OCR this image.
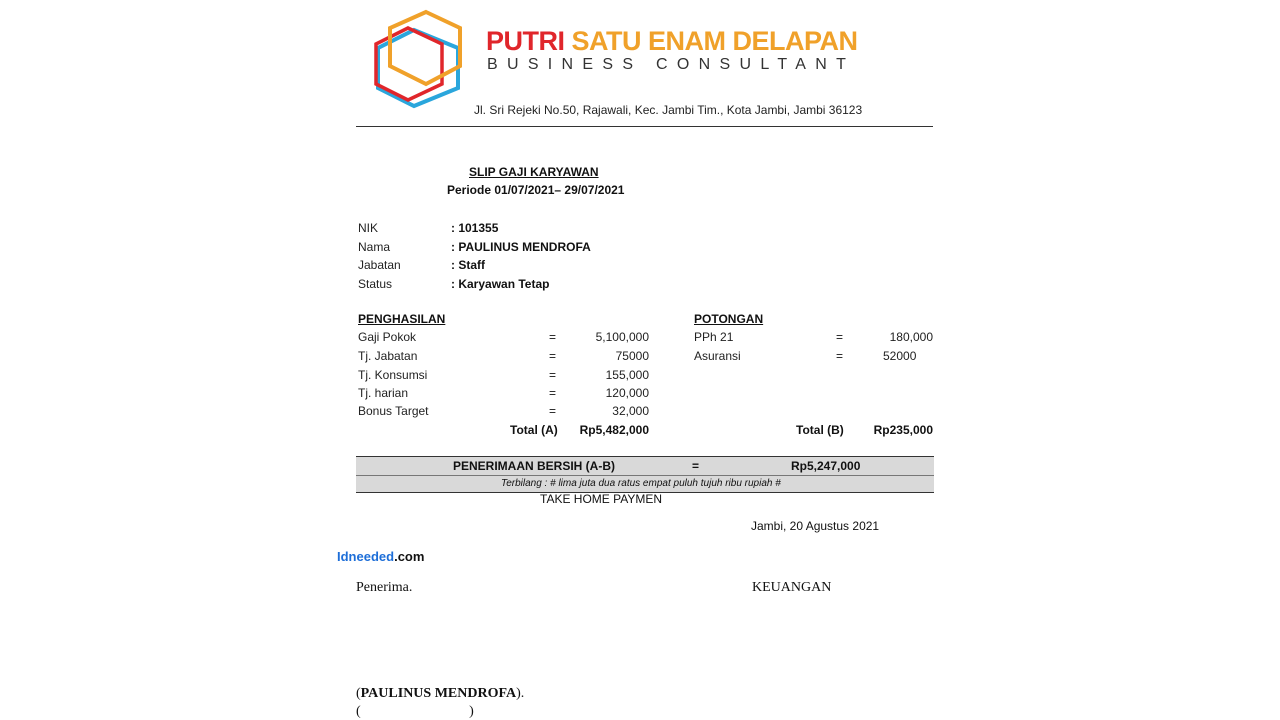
PUTRI SATU ENAM DELAPAN
BUSINESS CONSULTANT
Jl. Sri Rejeki No.50, Rajawali, Kec. Jambi Tim., Kota Jambi, Jambi 36123
SLIP GAJI KARYAWAN
Periode 01/07/2021– 29/07/2021
NIK	: 101355
Nama	: PAULINUS MENDROFA
Jabatan	: Staff
Status	: Karyawan Tetap
PENGHASILAN
Gaji Pokok	=	5,100,000
Tj. Jabatan	=	75000
Tj. Konsumsi	=	155,000
Tj. harian	=	120,000
Bonus Target	=	32,000
Total (A)	Rp5,482,000
POTONGAN
PPh 21	=	180,000
Asuransi	=	52000
Total (B)	Rp235,000
PENERIMAAN BERSIH (A-B)	=	Rp5,247,000
Terbilang : # lima juta dua ratus empat puluh tujuh ribu rupiah #
TAKE HOME PAYMEN
Jambi, 20 Agustus 2021
Idneeded.com
Penerima.	KEUANGAN
(PAULINUS MENDROFA).
(                               )
